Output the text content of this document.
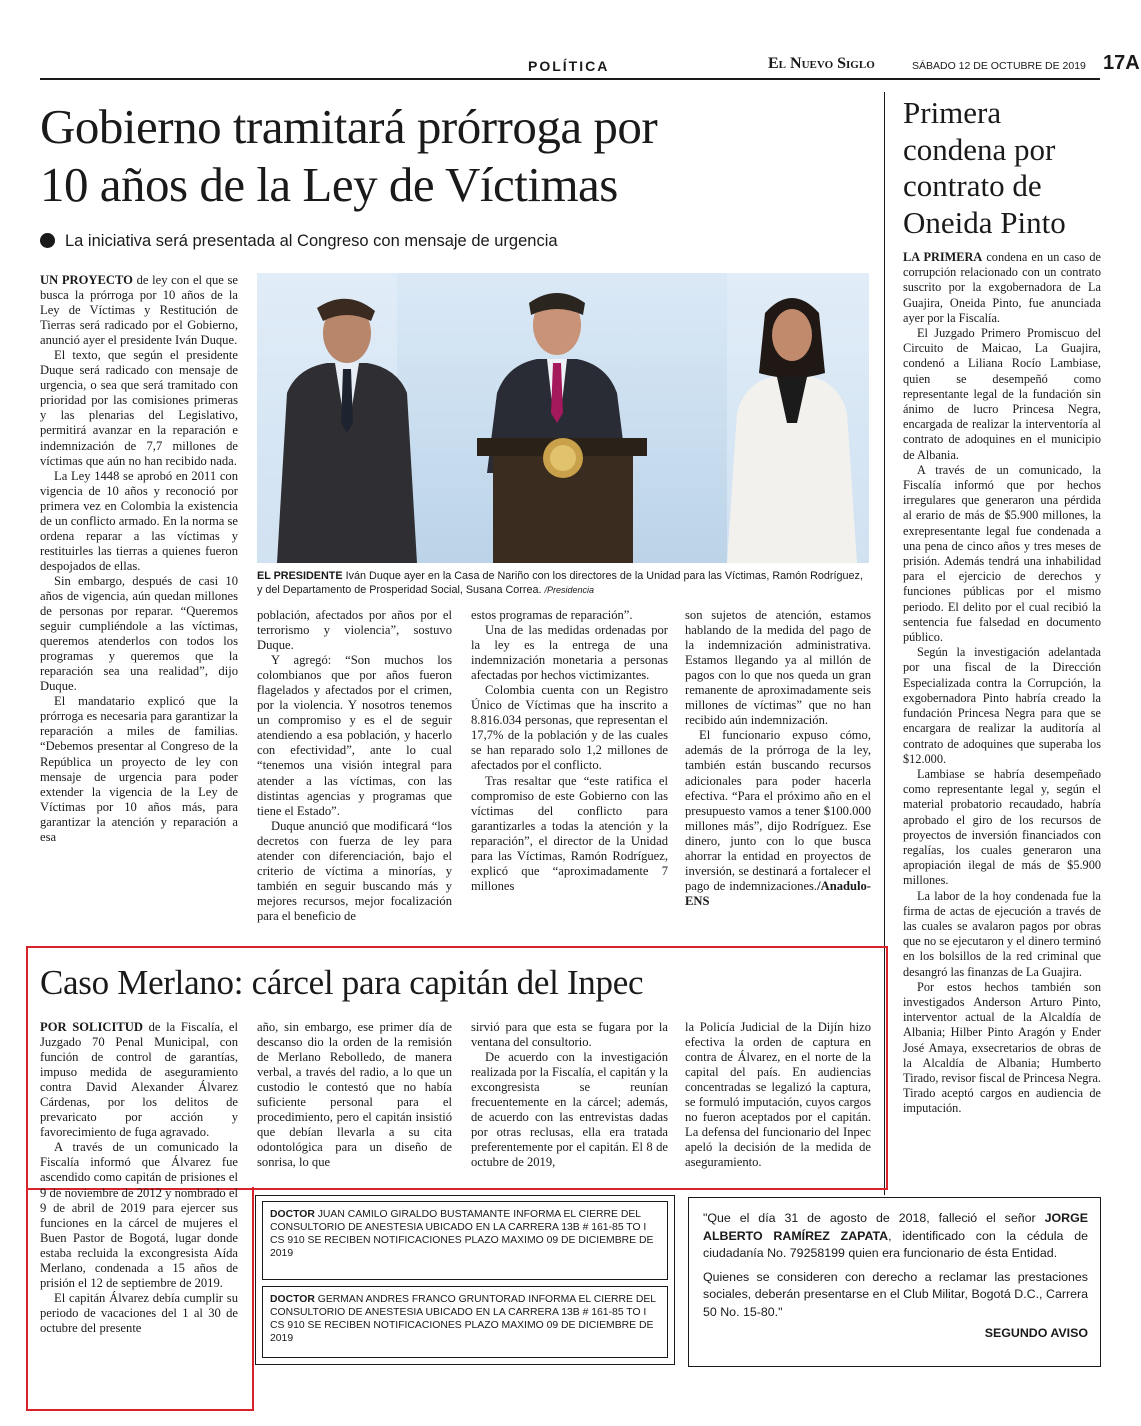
POLÍTICA	El Nuevo Siglo	SÁBADO 12 DE OCTUBRE DE 2019 17A
Gobierno tramitará prórroga por
10 años de la Ley de Víctimas
La iniciativa será presentada al Congreso con mensaje de urgencia
EL PRESIDENTE Iván Duque ayer en la Casa de Nariño con los directores de la Unidad para las Víctimas, Ramón Rodríguez, y del Departamento de Prosperidad Social, Susana Correa. /Presidencia

UN PROYECTO de ley con el que se busca la prórroga por 10 años de la Ley de Víctimas y Restitución de Tierras será radicado por el Gobierno, anunció ayer el presidente Iván Duque.

El texto, que según el presidente Duque será radicado con mensaje de urgencia, o sea que será tramitado con prioridad por las comisiones primeras y las plenarias del Legislativo, permitirá avanzar en la reparación e indemnización de 7,7 millones de víctimas que aún no han recibido nada.

La Ley 1448 se aprobó en 2011 con vigencia de 10 años y reconoció por primera vez en Colombia la existencia de un conflicto armado. En la norma se ordena reparar a las víctimas y restituirles las tierras a quienes fueron despojados de ellas.

Sin embargo, después de casi 10 años de vigencia, aún quedan millones de personas por reparar. “Queremos seguir cumpliéndole a las víctimas, queremos atenderlos con todos los programas y queremos que la reparación sea una realidad”, dijo Duque.

El mandatario explicó que la prórroga es necesaria para garantizar la reparación a miles de familias. “Debemos presentar al Congreso de la República un proyecto de ley con mensaje de urgencia para poder extender la vigencia de la Ley de Víctimas por 10 años más, para garantizar la atención y reparación a esa

población, afectados por años por el terrorismo y violencia”, sostuvo Duque.

Y agregó: “Son muchos los colombianos que por años fueron flagelados y afectados por el crimen, por la violencia. Y nosotros tenemos un compromiso y es el de seguir atendiendo a esa población, y hacerlo con efectividad”, ante lo cual “tenemos una visión integral para atender a las víctimas, con las distintas agencias y programas que tiene el Estado”.

Duque anunció que modificará “los decretos con fuerza de ley para atender con diferenciación, bajo el criterio de víctima a minorías, y también en seguir buscando más y mejores recursos, mejor focalización para el beneficio de

estos programas de reparación”.

Una de las medidas ordenadas por la ley es la entrega de una indemnización monetaria a personas afectadas por hechos victimizantes.

Colombia cuenta con un Registro Único de Víctimas que ha inscrito a 8.816.034 personas, que representan el 17,7% de la población y de las cuales se han reparado solo 1,2 millones de afectados por el conflicto.

Tras resaltar que “este ratifica el compromiso de este Gobierno con las víctimas del conflicto para garantizarles a todas la atención y la reparación”, el director de la Unidad para las Víctimas, Ramón Rodríguez, explicó que “aproximadamente 7 millones

son sujetos de atención, estamos hablando de la medida del pago de la indemnización administrativa. Estamos llegando ya al millón de pagos con lo que nos queda un gran remanente de aproximadamente seis millones de víctimas” que no han recibido aún indemnización.

El funcionario expuso cómo, además de la prórroga de la ley, también están buscando recursos adicionales para poder hacerla efectiva. “Para el próximo año en el presupuesto vamos a tener $100.000 millones más”, dijo Rodríguez. Ese dinero, junto con lo que busca ahorrar la entidad en proyectos de inversión, se destinará a fortalecer el pago de indemnizaciones./Anadulo-ENS

Primera condena por contrato de Oneida Pinto

LA PRIMERA condena en un caso de corrupción relacionado con un contrato suscrito por la exgobernadora de La Guajira, Oneida Pinto, fue anunciada ayer por la Fiscalía.

El Juzgado Primero Promiscuo del Circuito de Maicao, La Guajira, condenó a Liliana Rocío Lambiase, quien se desempeñó como representante legal de la fundación sin ánimo de lucro Princesa Negra, encargada de realizar la interventoría al contrato de adoquines en el municipio de Albania.

A través de un comunicado, la Fiscalía informó que por hechos irregulares que generaron una pérdida al erario de más de $5.900 millones, la exrepresentante legal fue condenada a una pena de cinco años y tres meses de prisión. Además tendrá una inhabilidad para el ejercicio de derechos y funciones públicas por el mismo periodo. El delito por el cual recibió la sentencia fue falsedad en documento público.

Según la investigación adelantada por una fiscal de la Dirección Especializada contra la Corrupción, la exgobernadora Pinto habría creado la fundación Princesa Negra para que se encargara de realizar la auditoría al contrato de adoquines que superaba los $12.000.

Lambiase se habría desempeñado como representante legal y, según el material probatorio recaudado, habría aprobado el giro de los recursos de proyectos de inversión financiados con regalías, los cuales generaron una apropiación ilegal de más de $5.900 millones.

La labor de la hoy condenada fue la firma de actas de ejecución a través de las cuales se avalaron pagos por obras que no se ejecutaron y el dinero terminó en los bolsillos de la red criminal que desangró las finanzas de La Guajira.

Por estos hechos también son investigados Anderson Arturo Pinto, interventor actual de la Alcaldía de Albania; Hilber Pinto Aragón y Ender José Amaya, exsecretarios de obras de la Alcaldía de Albania; Humberto Tirado, revisor fiscal de Princesa Negra. Tirado aceptó cargos en audiencia de imputación.

Caso Merlano: cárcel para capitán del Inpec

POR SOLICITUD de la Fiscalía, el Juzgado 70 Penal Municipal, con función de control de garantías, impuso medida de aseguramiento contra David Alexander Álvarez Cárdenas, por los delitos de prevaricato por acción y favorecimiento de fuga agravado.

A través de un comunicado la Fiscalía informó que Álvarez fue ascendido como capitán de prisiones el 9 de noviembre de 2012 y nombrado el 9 de abril de 2019 para ejercer sus funciones en la cárcel de mujeres el Buen Pastor de Bogotá, lugar donde estaba recluida la excongresista Aída Merlano, condenada a 15 años de prisión el 12 de septiembre de 2019.

El capitán Álvarez debía cumplir su periodo de vacaciones del 1 al 30 de octubre del presente

año, sin embargo, ese primer día de descanso dio la orden de la remisión de Merlano Rebolledo, de manera verbal, a través del radio, a lo que un custodio le contestó que no había suficiente personal para el procedimiento, pero el capitán insistió que debían llevarla a su cita odontológica para un diseño de sonrisa, lo que

sirvió para que esta se fugara por la ventana del consultorio.

De acuerdo con la investigación realizada por la Fiscalía, el capitán y la excongresista se reunían frecuentemente en la cárcel; además, de acuerdo con las entrevistas dadas por otras reclusas, ella era tratada preferentemente por el capitán. El 8 de octubre de 2019,

la Policía Judicial de la Dijín hizo efectiva la orden de captura en contra de Álvarez, en el norte de la capital del país. En audiencias concentradas se legalizó la captura, se formuló imputación, cuyos cargos no fueron aceptados por el capitán. La defensa del funcionario del Inpec apeló la decisión de la medida de aseguramiento.

DOCTOR JUAN CAMILO GIRALDO BUSTAMANTE INFORMA EL CIERRE DEL CONSULTORIO DE ANESTESIA UBICADO EN LA CARRERA 13B # 161-85 TO I CS 910 SE RECIBEN NOTIFICACIONES PLAZO MAXIMO 09 DE DICIEMBRE DE 2019
DOCTOR GERMAN ANDRES FRANCO GRUNTORAD INFORMA EL CIERRE DEL CONSULTORIO DE ANESTESIA UBICADO EN LA CARRERA 13B # 161-85 TO I CS 910 SE RECIBEN NOTIFICACIONES PLAZO MAXIMO 09 DE DICIEMBRE DE 2019

"Que el día 31 de agosto de 2018, falleció el señor JORGE ALBERTO RAMÍREZ ZAPATA, identificado con la cédula de ciudadanía No. 79258199 quien era funcionario de ésta Entidad.

Quienes se consideren con derecho a reclamar las prestaciones sociales, deberán presentarse en el Club Militar, Bogotá D.C., Carrera 50 No. 15-80."

SEGUNDO AVISO
